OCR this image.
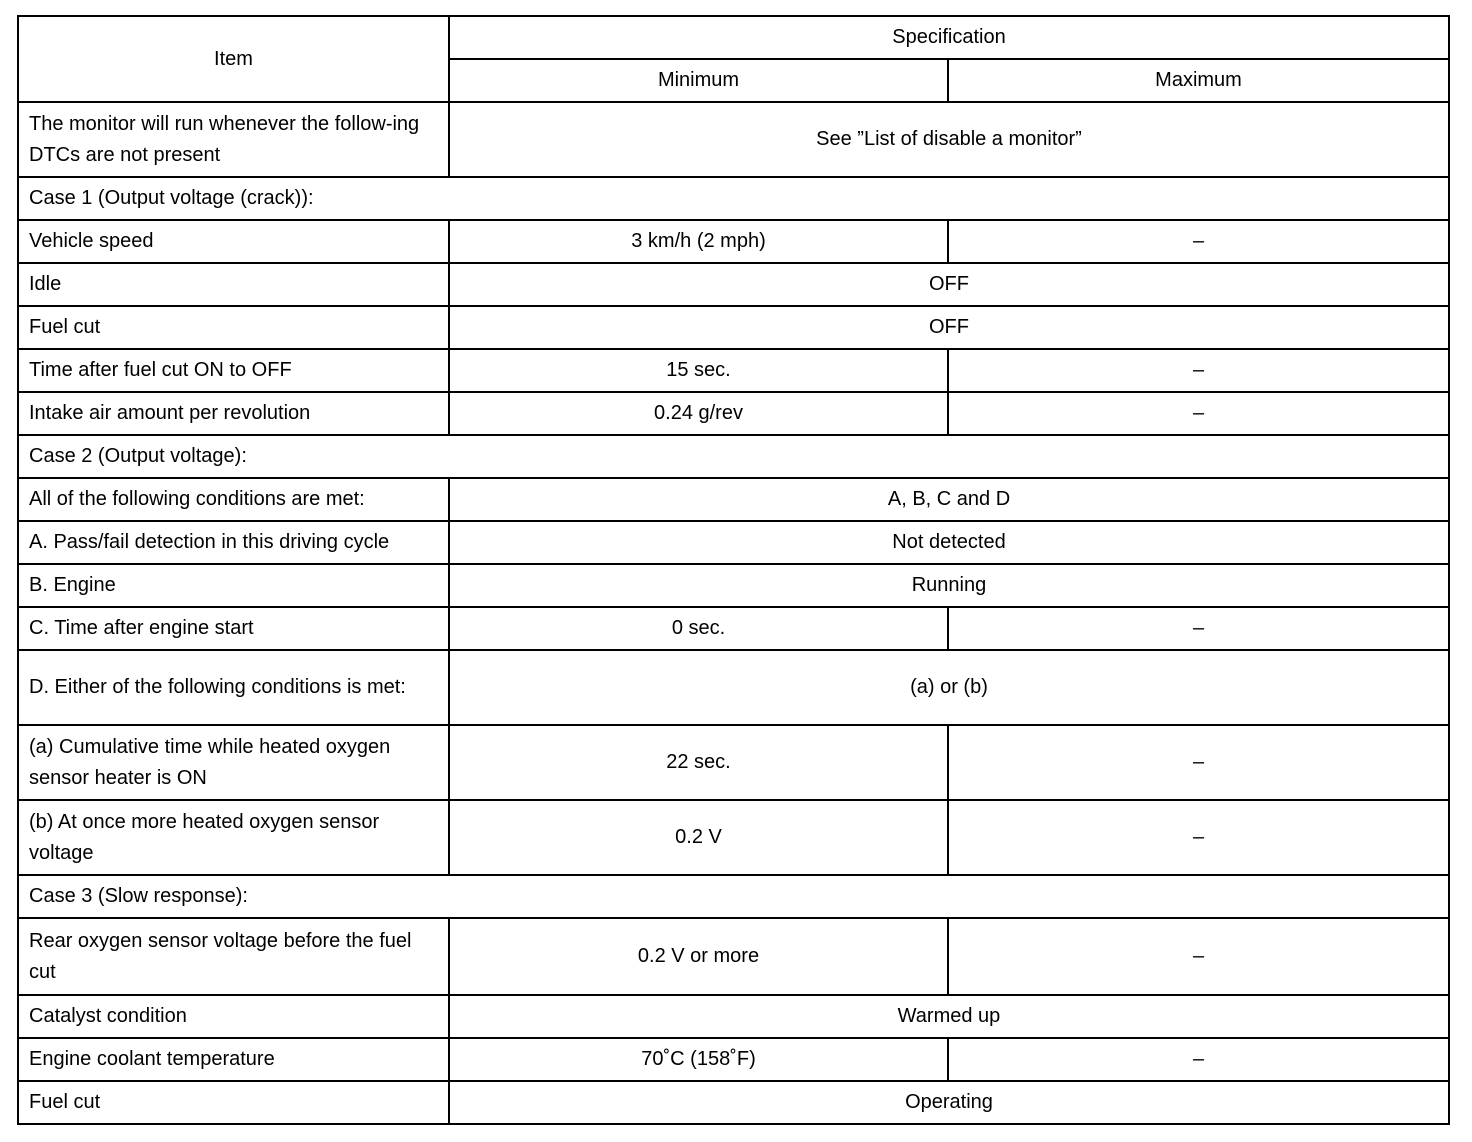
Item	Specification	
	Minimum	Maximum
The monitor will run whenever the follow-ing DTCs are not present	See ”List of disable a monitor”	
Case 1 (Output voltage (crack)):		
Vehicle speed	3 km/h (2 mph)	–
Idle	OFF	
Fuel cut	OFF	
Time after fuel cut ON to OFF	15 sec.	–
Intake air amount per revolution	0.24 g/rev	–
Case 2 (Output voltage):		
All of the following conditions are met:	A, B, C and D	
A. Pass/fail detection in this driving cycle	Not detected	
B. Engine	Running	
C. Time after engine start	0 sec.	–
D. Either of the following conditions is met:	(a) or (b)	
(a) Cumulative time while heated oxygen sensor heater is ON	22 sec.	–
(b) At once more heated oxygen sensor voltage	0.2 V	–
Case 3 (Slow response):		
Rear oxygen sensor voltage before the fuel cut	0.2 V or more	–
Catalyst condition	Warmed up	
Engine coolant temperature	70˚C (158˚F)	–
Fuel cut	Operating	
